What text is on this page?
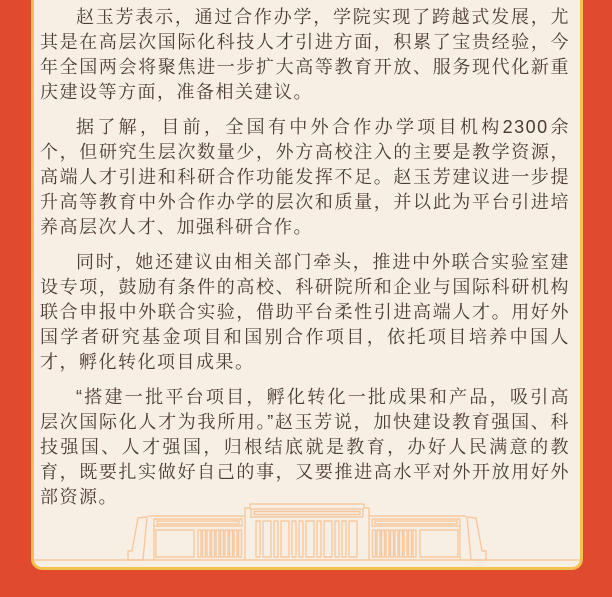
赵玉芳表示，通过合作办学，学院实现了跨越式发展，尤其是在高层次国际化科技人才引进方面，积累了宝贵经验，今年全国两会将聚焦进一步扩大高等教育开放、服务现代化新重庆建设等方面，准备相关建议。

据了解，目前，全国有中外合作办学项目机构2300余个，但研究生层次数量少，外方高校注入的主要是教学资源，高端人才引进和科研合作功能发挥不足。赵玉芳建议进一步提升高等教育中外合作办学的层次和质量，并以此为平台引进培养高层次人才、加强科研合作。

同时，她还建议由相关部门牵头，推进中外联合实验室建设专项，鼓励有条件的高校、科研院所和企业与国际科研机构联合申报中外联合实验，借助平台柔性引进高端人才。用好外国学者研究基金项目和国别合作项目，依托项目培养中国人才，孵化转化项目成果。

“搭建一批平台项目，孵化转化一批成果和产品，吸引高层次国际化人才为我所用。”赵玉芳说，加快建设教育强国、科技强国、人才强国，归根结底就是教育，办好人民满意的教育，既要扎实做好自己的事，又要推进高水平对外开放用好外部资源。
